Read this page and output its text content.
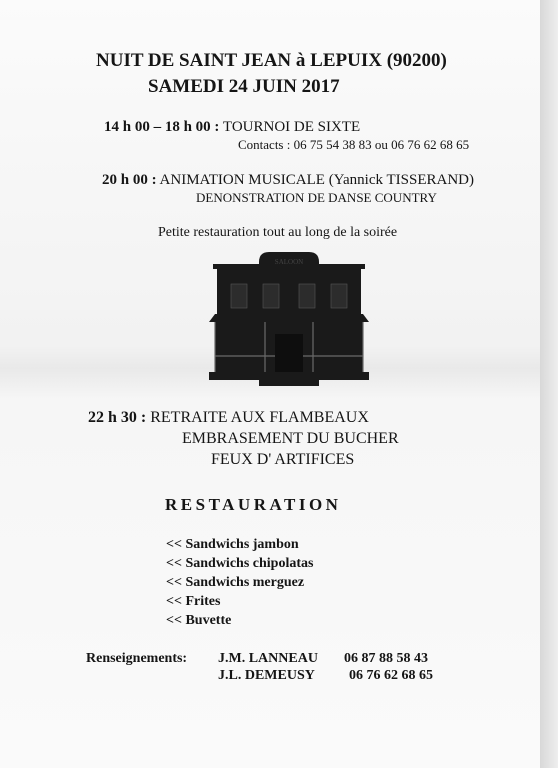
NUIT DE SAINT JEAN à LEPUIX (90200)
SAMEDI 24 JUIN 2017
14 h 00 – 18 h 00 : TOURNOI DE SIXTE
Contacts : 06 75 54 38 83 ou 06 76 62 68 65
20 h 00 : ANIMATION MUSICALE (Yannick TISSERAND)
DENONSTRATION DE DANSE COUNTRY
Petite restauration tout au long de la soirée
SALOON
22 h 30 : RETRAITE AUX FLAMBEAUX
EMBRASEMENT DU BUCHER
FEUX D' ARTIFICES
RESTAURATION
<< Sandwichs jambon
<< Sandwichs chipolatas
<< Sandwichs merguez
<< Frites
<< Buvette
Renseignements: J.M. LANNEAU 06 87 88 58 43
J.L. DEMEUSY 06 76 62 68 65
